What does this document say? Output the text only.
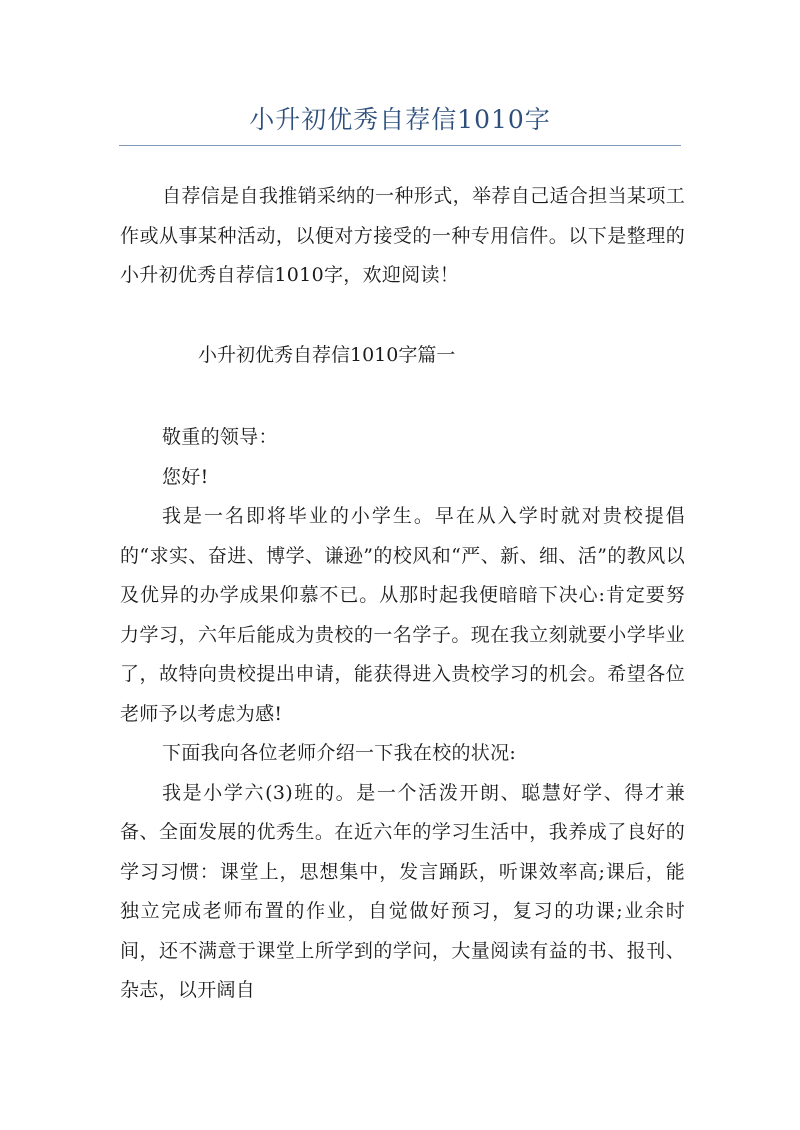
小升初优秀自荐信1010字

自荐信是自我推销采纳的一种形式，举荐自己适合担当某项工作或从事某种活动，以便对方接受的一种专用信件。以下是整理的小升初优秀自荐信1010字，欢迎阅读！

小升初优秀自荐信1010字篇一

敬重的领导：

您好!

我是一名即将毕业的小学生。早在从入学时就对贵校提倡的“求实、奋进、博学、谦逊”的校风和“严、新、细、活”的教风以及优异的办学成果仰慕不已。从那时起我便暗暗下决心:肯定要努力学习，六年后能成为贵校的一名学子。现在我立刻就要小学毕业了，故特向贵校提出申请，能获得进入贵校学习的机会。希望各位老师予以考虑为感!

下面我向各位老师介绍一下我在校的状况:

我是小学六(3)班的。是一个活泼开朗、聪慧好学、得才兼备、全面发展的优秀生。在近六年的学习生活中，我养成了良好的学习习惯：课堂上，思想集中，发言踊跃，听课效率高;课后，能独立完成老师布置的作业，自觉做好预习，复习的功课;业余时间，还不满意于课堂上所学到的学问，大量阅读有益的书、报刊、杂志，以开阔自
